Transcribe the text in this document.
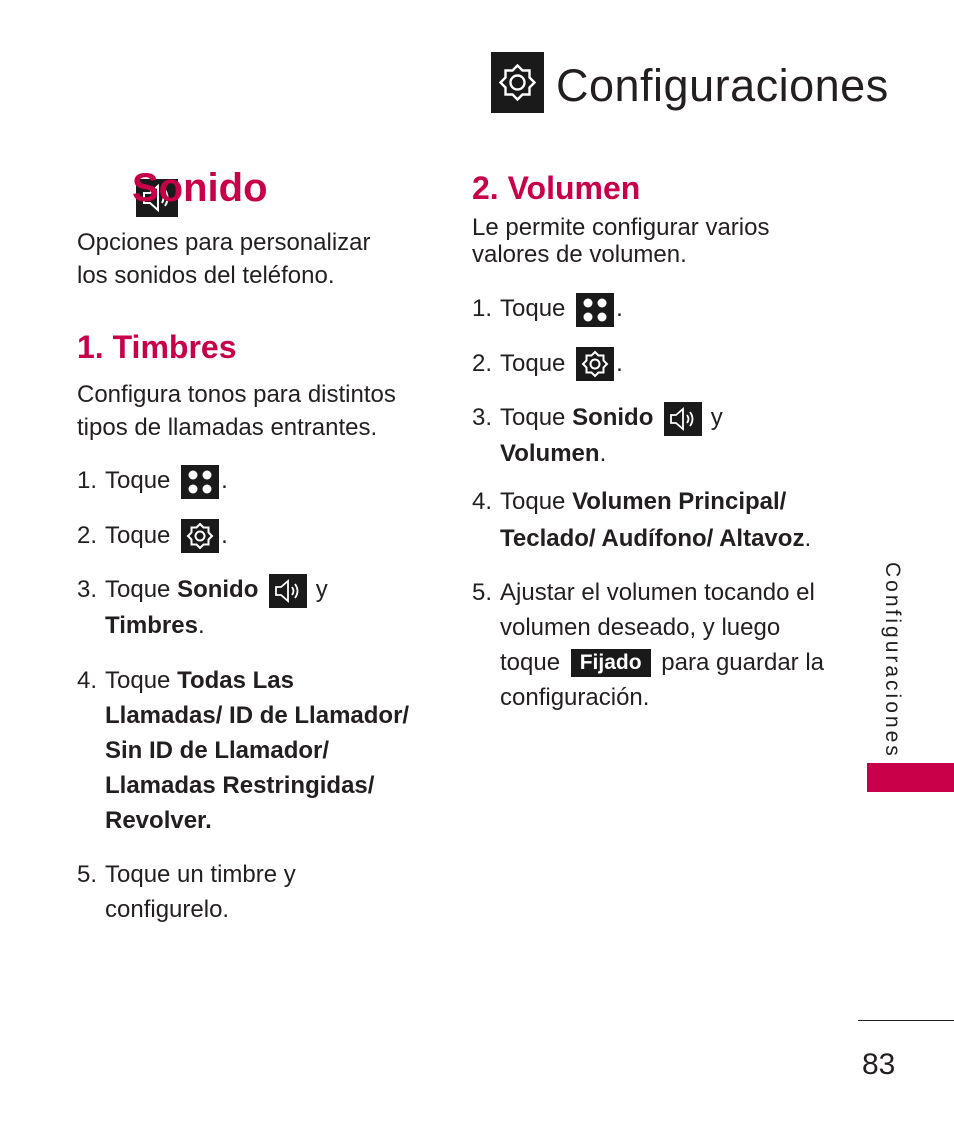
Configuraciones
Sonido
Opciones para personalizar los sonidos del teléfono.
1. Timbres
Configura tonos para distintos tipos de llamadas entrantes.
1. Toque .
2. Toque .
3. Toque Sonido y
Timbres.
4. Toque Todas Las Llamadas/ ID de Llamador/ Sin ID de Llamador/ Llamadas Restringidas/ Revolver.
5. Toque un timbre y configurelo.
2. Volumen
Le permite configurar varios valores de volumen.
1. Toque .
2. Toque .
3. Toque Sonido y
Volumen.
4. Toque Volumen Principal/ Teclado/ Audífono/ Altavoz.
5. Ajustar el volumen tocando el volumen deseado, y luego toque Fijado para guardar la configuración.	Configuraciones
83
